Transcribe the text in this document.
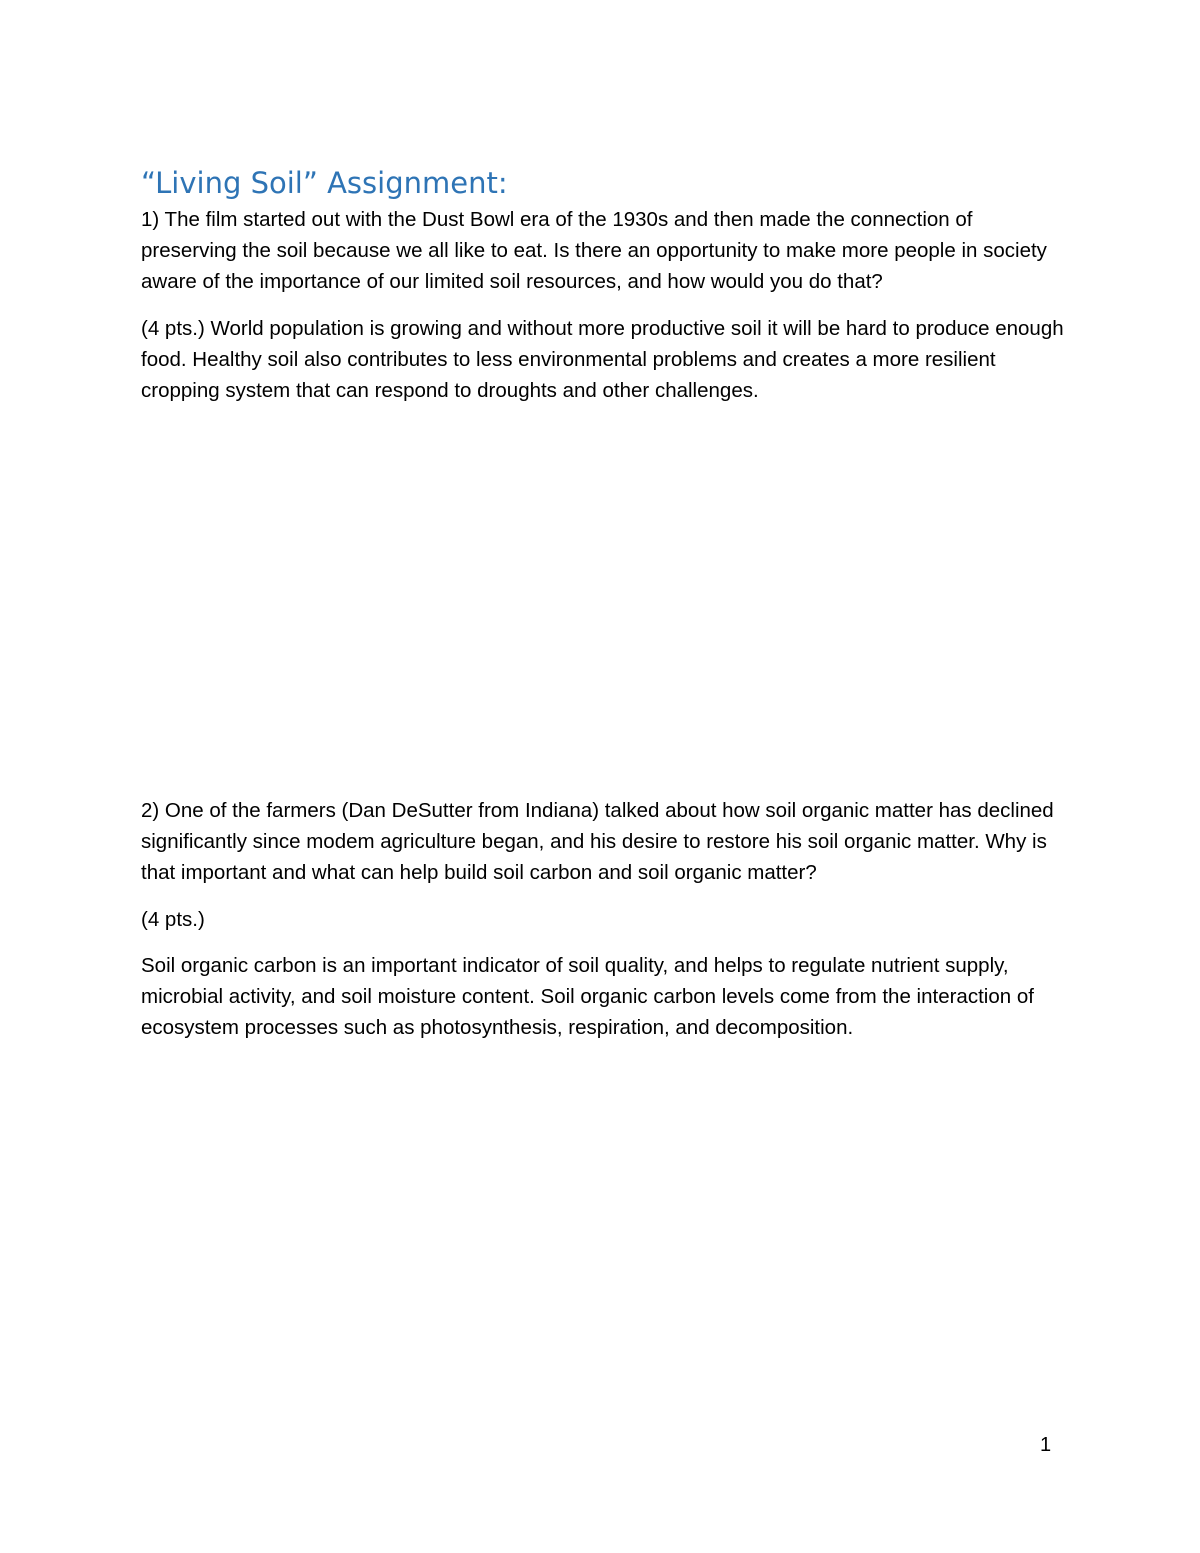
“Living Soil” Assignment:

1) The film started out with the Dust Bowl era of the 1930s and then made the connection of preserving the soil because we all like to eat. Is there an opportunity to make more people in society aware of the importance of our limited soil resources, and how would you do that?

(4 pts.) World population is growing and without more productive soil it will be hard to produce enough food. Healthy soil also contributes to less environmental problems and creates a more resilient cropping system that can respond to droughts and other challenges.

2) One of the farmers (Dan DeSutter from Indiana) talked about how soil organic matter has declined significantly since modem agriculture began, and his desire to restore his soil organic matter. Why is that important and what can help build soil carbon and soil organic matter?

(4 pts.)

Soil organic carbon is an important indicator of soil quality, and helps to regulate nutrient supply, microbial activity, and soil moisture content. Soil organic carbon levels come from the interaction of ecosystem processes such as photosynthesis, respiration, and decomposition.

1
